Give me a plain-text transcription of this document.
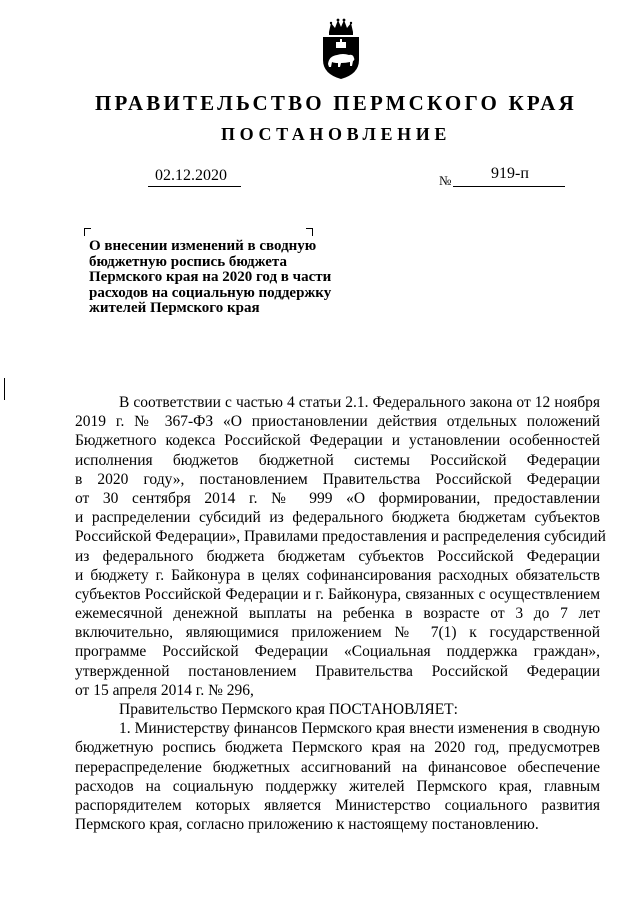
ПРАВИТЕЛЬСТВО ПЕРМСКОГО КРАЯ
ПОСТАНОВЛЕНИЕ
02.12.2020	№ 919-п
О внесении изменений в сводную
бюджетную роспись бюджета
Пермского края на 2020 год в части
расходов на социальную поддержку
жителей Пермского края
В соответствии с частью 4 статьи 2.1. Федерального закона от 12 ноября
2019 г. № 367-ФЗ «О приостановлении действия отдельных положений
Бюджетного кодекса Российской Федерации и установлении особенностей
исполнения бюджетов бюджетной системы Российской Федерации
в 2020 году», постановлением Правительства Российской Федерации
от 30 сентября 2014 г. № 999 «О формировании, предоставлении
и распределении субсидий из федерального бюджета бюджетам субъектов
Российской Федерации», Правилами предоставления и распределения субсидий
из федерального бюджета бюджетам субъектов Российской Федерации
и бюджету г. Байконура в целях софинансирования расходных обязательств
субъектов Российской Федерации и г. Байконура, связанных с осуществлением
ежемесячной денежной выплаты на ребенка в возрасте от 3 до 7 лет
включительно, являющимися приложением № 7(1) к государственной
программе Российской Федерации «Социальная поддержка граждан»,
утвержденной постановлением Правительства Российской Федерации
от 15 апреля 2014 г. № 296,
Правительство Пермского края ПОСТАНОВЛЯЕТ:
1. Министерству финансов Пермского края внести изменения в сводную
бюджетную роспись бюджета Пермского края на 2020 год, предусмотрев
перераспределение бюджетных ассигнований на финансовое обеспечение
расходов на социальную поддержку жителей Пермского края, главным
распорядителем которых является Министерство социального развития
Пермского края, согласно приложению к настоящему постановлению.
